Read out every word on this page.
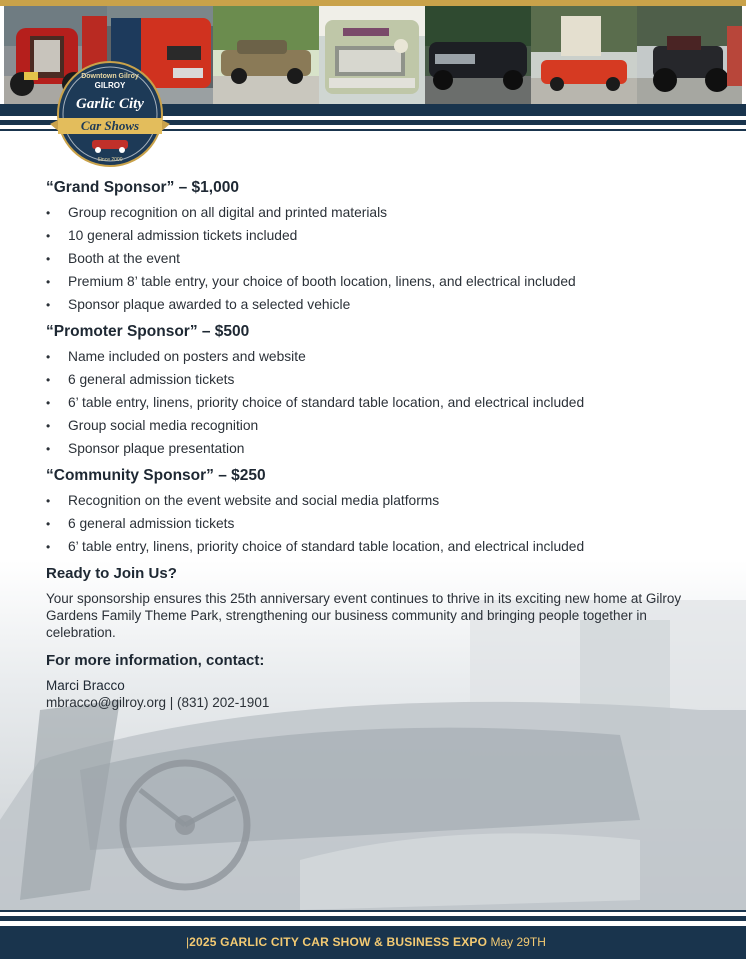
Downtown Gilroy
GILROY
Garlic City
Car Shows
Since 2000
“Grand Sponsor” – $1,000
• Group recognition on all digital and printed materials
• 10 general admission tickets included
• Booth at the event
• Premium 8’ table entry, your choice of booth location, linens, and electrical included
• Sponsor plaque awarded to a selected vehicle
“Promoter Sponsor” – $500
• Name included on posters and website
• 6 general admission tickets
• 6’ table entry, linens, priority choice of standard table location, and electrical included
• Group social media recognition
• Sponsor plaque presentation
“Community Sponsor” – $250
• Recognition on the event website and social media platforms
• 6 general admission tickets
• 6’ table entry, linens, priority choice of standard table location, and electrical included
Ready to Join Us?

Your sponsorship ensures this 25th anniversary event continues to thrive in its exciting new home at Gilroy Gardens Family Theme Park, strengthening our business community and bringing people together in celebration.

For more information, contact:

Marci Bracco

mbracco@gilroy.org | (831) 202-1901

|2025 GARLIC CITY CAR SHOW & BUSINESS EXPO May 29TH
